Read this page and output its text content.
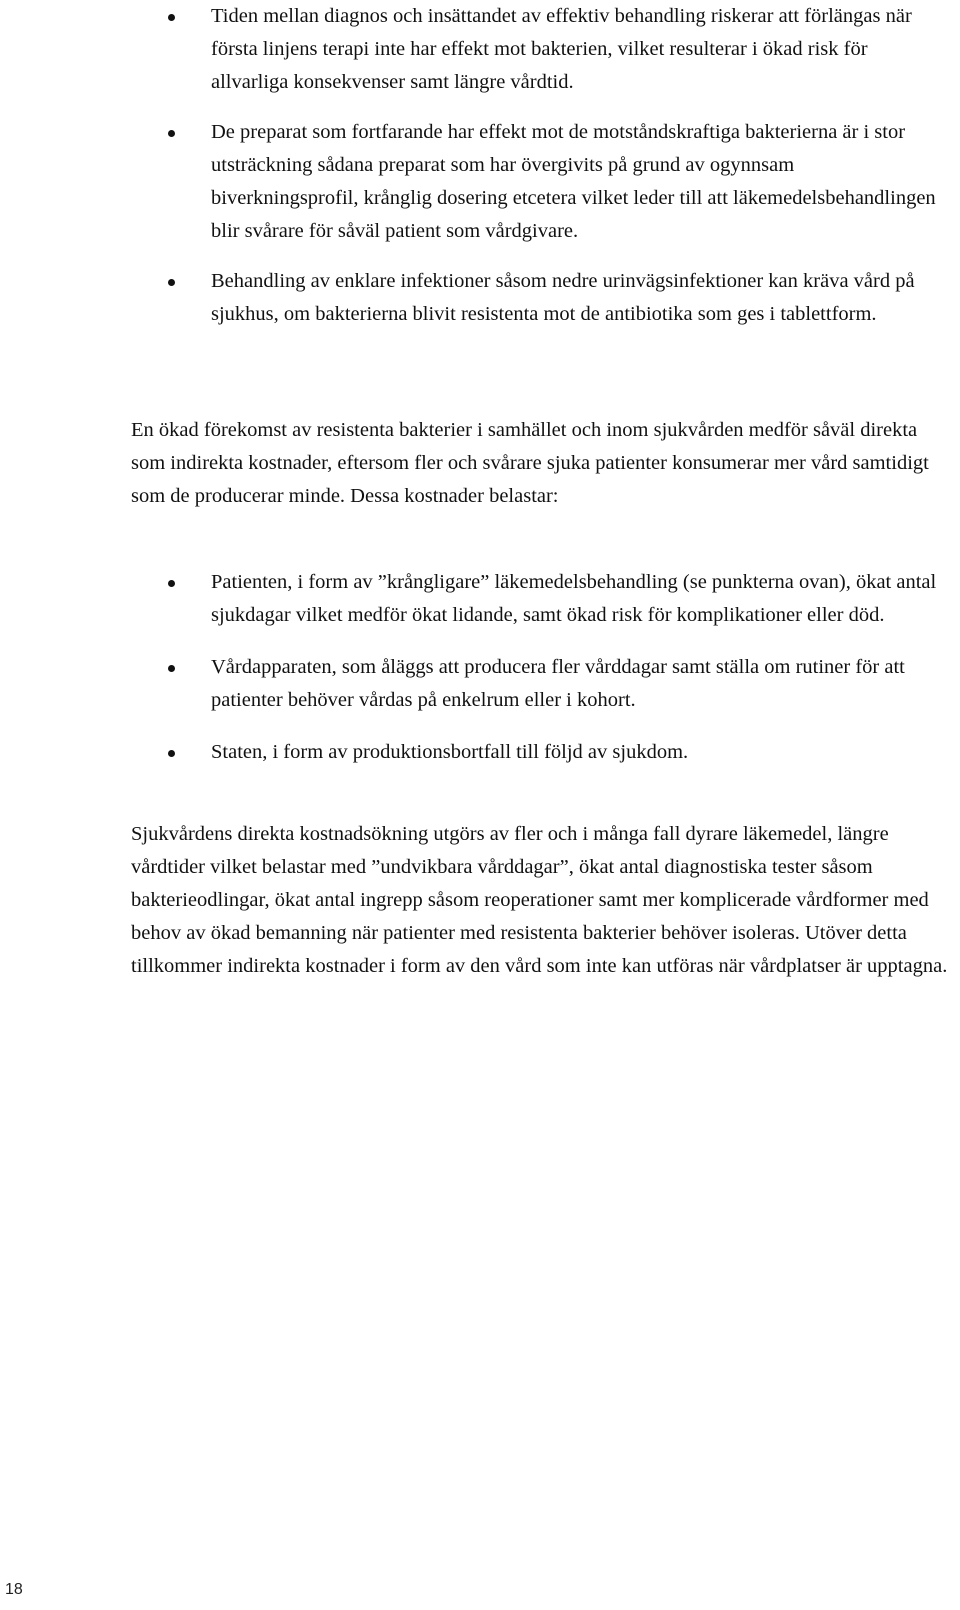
Tiden mellan diagnos och insättandet av effektiv behandling riskerar att förlängas när första linjens terapi inte har effekt mot bakterien, vilket resulterar i ökad risk för allvarliga konsekvenser samt längre vårdtid.
De preparat som fortfarande har effekt mot de motståndskraftiga bakterierna är i stor utsträckning sådana preparat som har övergivits på grund av ogynnsam biverkningsprofil, krånglig dosering etcetera vilket leder till att läkemedelsbehandlingen blir svårare för såväl patient som vårdgivare.
Behandling av enklare infektioner såsom nedre urinvägsinfektioner kan kräva vård på sjukhus, om bakterierna blivit resistenta mot de antibiotika som ges i tablettform.

En ökad förekomst av resistenta bakterier i samhället och inom sjukvården medför såväl direkta som indirekta kostnader, eftersom fler och svårare sjuka patienter konsumerar mer vård samtidigt som de producerar minde. Dessa kostnader belastar:

Patienten, i form av ”krångligare” läkemedelsbehandling (se punkterna ovan), ökat antal sjukdagar vilket medför ökat lidande, samt ökad risk för komplikationer eller död.
Vårdapparaten, som åläggs att producera fler vårddagar samt ställa om rutiner för att patienter behöver vårdas på enkelrum eller i kohort.
Staten, i form av produktionsbortfall till följd av sjukdom.

Sjukvårdens direkta kostnadsökning utgörs av fler och i många fall dyrare läkemedel, längre vårdtider vilket belastar med ”undvikbara vårddagar”, ökat antal diagnostiska tester såsom bakterieodlingar, ökat antal ingrepp såsom reoperationer samt mer komplicerade vårdformer med behov av ökad bemanning när patienter med resistenta bakterier behöver isoleras. Utöver detta tillkommer indirekta kostnader i form av den vård som inte kan utföras när vårdplatser är upptagna.

18
